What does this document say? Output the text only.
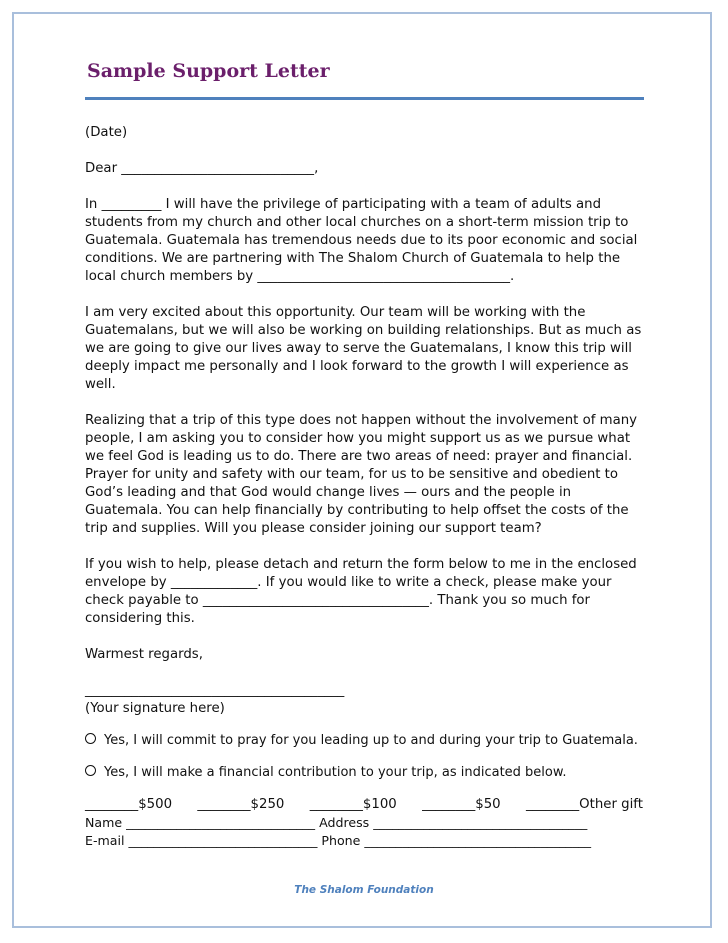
Sample Support Letter

(Date)

Dear _____________________________,

In _________ I will have the privilege of participating with a team of adults and students from my church and other local churches on a short-term mission trip to Guatemala. Guatemala has tremendous needs due to its poor economic and social conditions. We are partnering with The Shalom Church of Guatemala to help the local church members by ______________________________________.

I am very excited about this opportunity. Our team will be working with the Guatemalans, but we will also be working on building relationships. But as much as we are going to give our lives away to serve the Guatemalans, I know this trip will deeply impact me personally and I look forward to the growth I will experience as well.

Realizing that a trip of this type does not happen without the involvement of many people, I am asking you to consider how you might support us as we pursue what we feel God is leading us to do. There are two areas of need: prayer and financial. Prayer for unity and safety with our team, for us to be sensitive and obedient to God’s leading and that God would change lives — ours and the people in Guatemala. You can help financially by contributing to help offset the costs of the trip and supplies. Will you please consider joining our support team?

If you wish to help, please detach and return the form below to me in the enclosed envelope by _____________. If you would like to write a check, please make your check payable to __________________________________. Thank you so much for considering this.

Warmest regards,

_______________________________________

(Your signature here)

Yes, I will commit to pray for you leading up to and during your trip to Guatemala.

Yes, I will make a financial contribution to your trip, as indicated below.

________$500 ________$250 ________$100 ________$50 ________Other gift

Name ______________________________ Address __________________________________

E-mail ______________________________ Phone ____________________________________

The Shalom Foundation
